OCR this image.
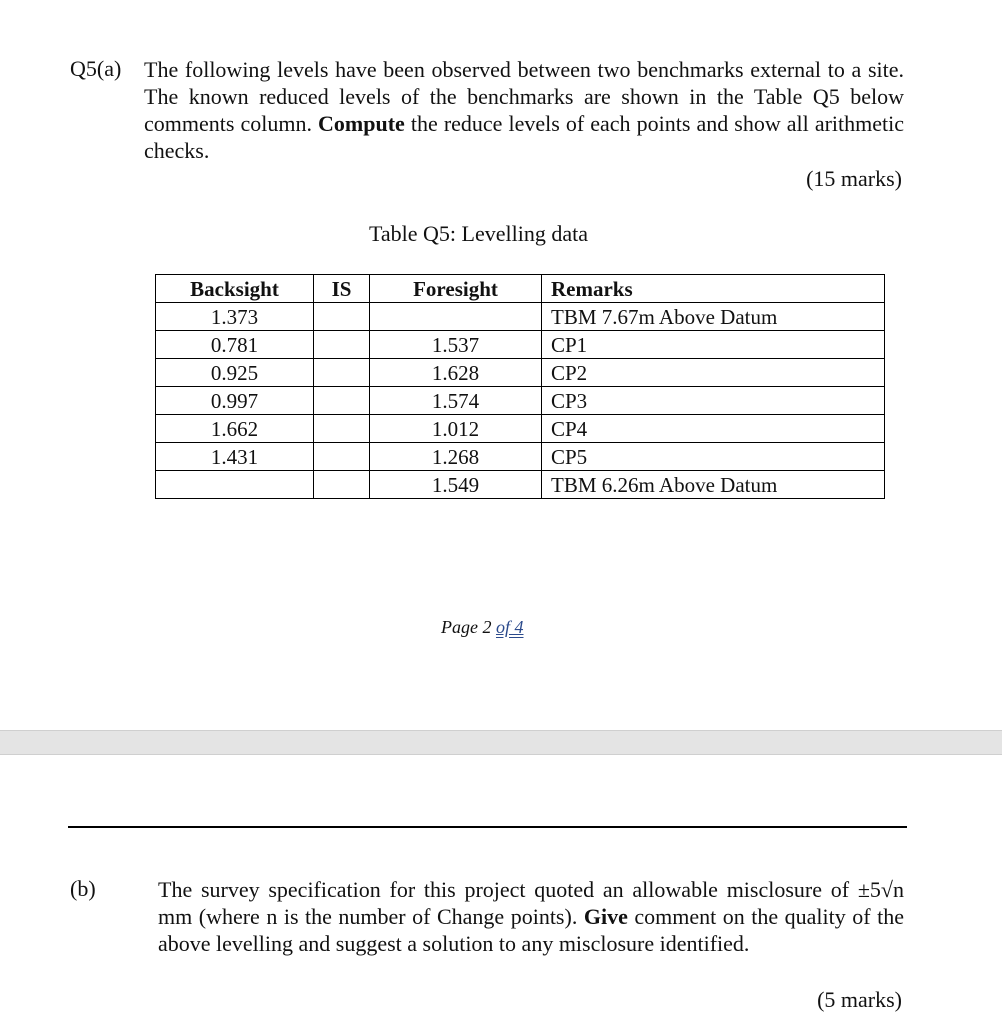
Q5(a) The following levels have been observed between two benchmarks external to a site. The known reduced levels of the benchmarks are shown in the Table Q5 below comments column. Compute the reduce levels of each points and show all arithmetic checks.
(15 marks)
Table Q5: Levelling data
Backsight	IS	Foresight	Remarks
1.373			TBM 7.67m Above Datum
0.781		1.537	CP1
0.925		1.628	CP2
0.997		1.574	CP3
1.662		1.012	CP4
1.431		1.268	CP5
		1.549	TBM 6.26m Above Datum
Page 2 of 4
(b)	The survey specification for this project quoted an allowable misclosure of ±5√n mm (where n is the number of Change points). Give comment on the quality of the above levelling and suggest a solution to any misclosure identified.
(5 marks)
